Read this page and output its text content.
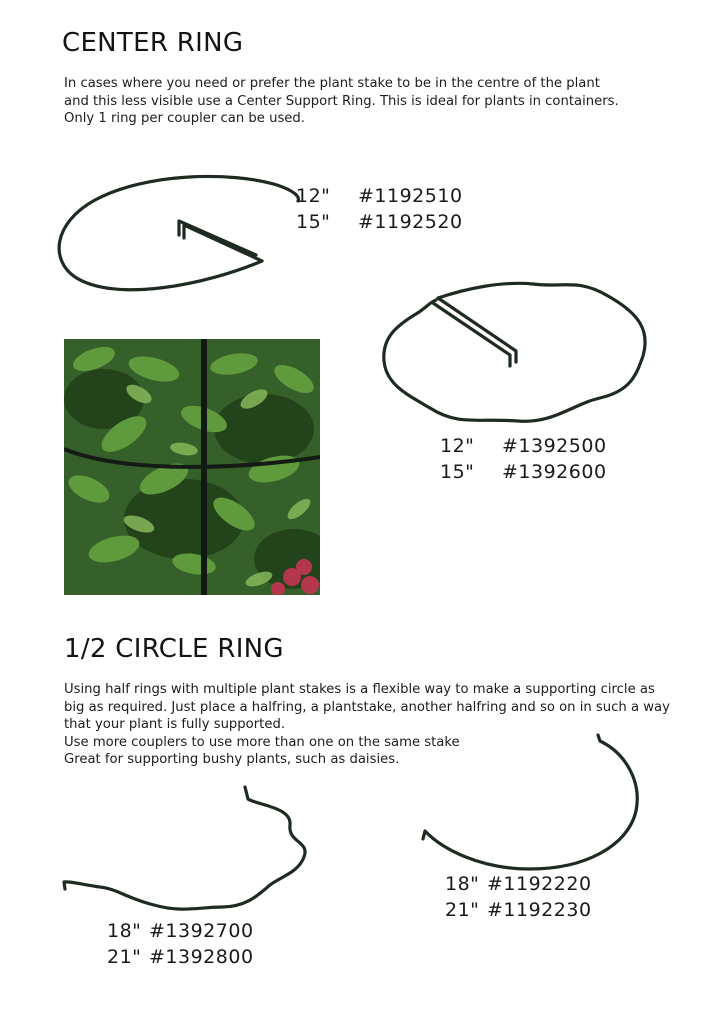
CENTER RING
In cases where you need or prefer the plant stake to be in the centre of the plant
and this less visible use a Center Support Ring. This is ideal for plants in containers.
Only 1 ring per coupler can be used.
12" #1192510
15" #1192520
12" #1392500
15" #1392600
1/2 CIRCLE RING
Using half rings with multiple plant stakes is a flexible way to make a supporting circle as
big as required. Just place a halfring, a plantstake, another halfring and so on in such a way
that your plant is fully supported.
Use more couplers to use more than one on the same stake
Great for supporting bushy plants, such as daisies.
18" #1392700
21" #1392800
18" #1192220
21" #1192230
